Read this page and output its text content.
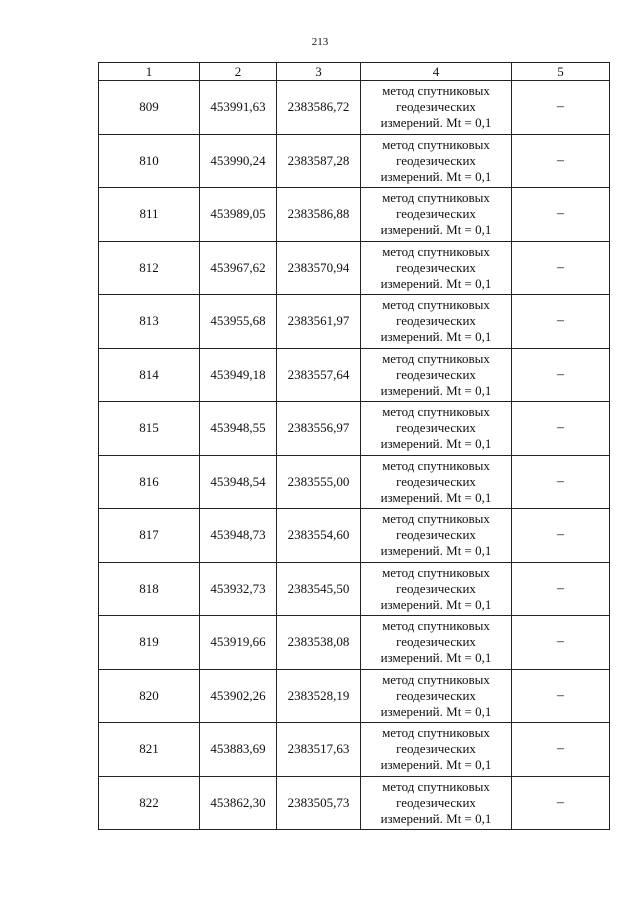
213
1	2	3	4	5
809	453991,63	2383586,72	метод спутниковых
геодезических
измерений. Mt = 0,1	–
810	453990,24	2383587,28	метод спутниковых
геодезических
измерений. Mt = 0,1	–
811	453989,05	2383586,88	метод спутниковых
геодезических
измерений. Mt = 0,1	–
812	453967,62	2383570,94	метод спутниковых
геодезических
измерений. Mt = 0,1	–
813	453955,68	2383561,97	метод спутниковых
геодезических
измерений. Mt = 0,1	–
814	453949,18	2383557,64	метод спутниковых
геодезических
измерений. Mt = 0,1	–
815	453948,55	2383556,97	метод спутниковых
геодезических
измерений. Mt = 0,1	–
816	453948,54	2383555,00	метод спутниковых
геодезических
измерений. Mt = 0,1	–
817	453948,73	2383554,60	метод спутниковых
геодезических
измерений. Mt = 0,1	–
818	453932,73	2383545,50	метод спутниковых
геодезических
измерений. Mt = 0,1	–
819	453919,66	2383538,08	метод спутниковых
геодезических
измерений. Mt = 0,1	–
820	453902,26	2383528,19	метод спутниковых
геодезических
измерений. Mt = 0,1	–
821	453883,69	2383517,63	метод спутниковых
геодезических
измерений. Mt = 0,1	–
822	453862,30	2383505,73	метод спутниковых
геодезических
измерений. Mt = 0,1	–
